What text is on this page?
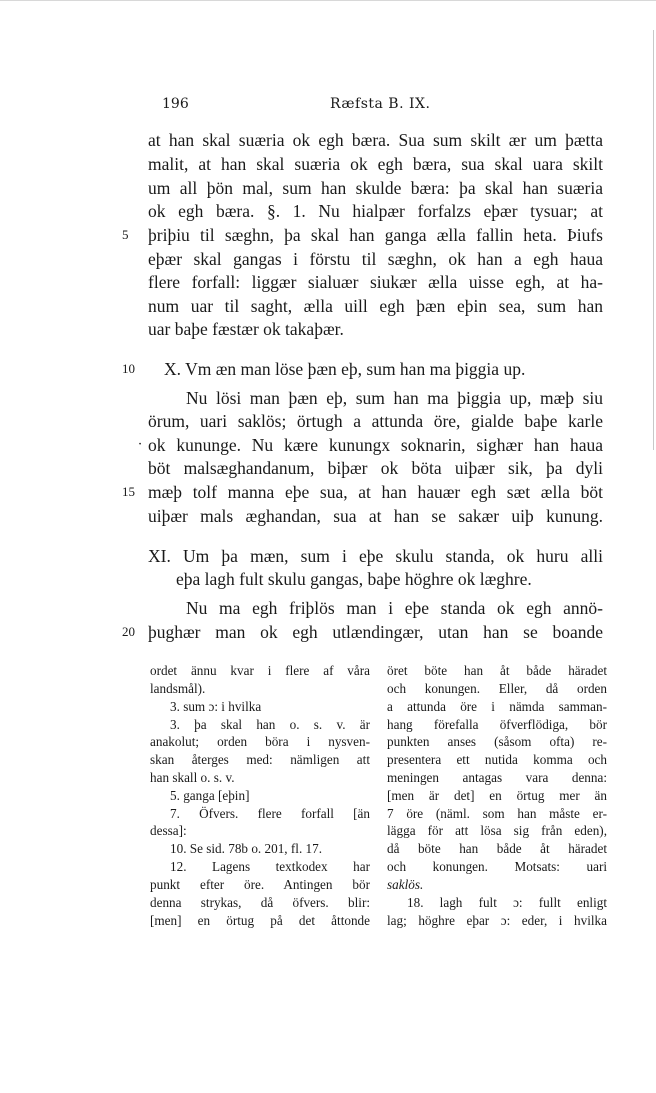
196	Ræfsta B. IX.
at han skal suæria ok egh bæra. Sua sum skilt ær um þætta
malit, at han skal suæria ok egh bæra, sua skal uara skilt
um all þön mal, sum han skulde bæra: þa skal han suæria
ok egh bæra. §. 1. Nu hialpær forfalzs eþær tysuar; at
þriþiu til sæghn, þa skal han ganga ælla fallin heta. Þiufs
eþær skal gangas i förstu til sæghn, ok han a egh haua
flere forfall: liggær sialuær siukær ælla uisse egh, at ha-
num uar til saght, ælla uill egh þæn eþin sea, sum han
uar baþe fæstær ok takaþær.
X. Vm æn man löse þæn eþ, sum han ma þiggia up.
Nu lösi man þæn eþ, sum han ma þiggia up, mæþ siu
örum, uari saklös; örtugh a attunda öre, gialde baþe karle
ok kununge. Nu kære kunungx soknarin, sighær han haua
böt malsæghandanum, biþær ok böta uiþær sik, þa dyli
mæþ tolf manna eþe sua, at han hauær egh sæt ælla böt
uiþær mals æghandan, sua at han se sakær uiþ kunung.
XI. Um þa mæn, sum i eþe skulu standa, ok huru alli
eþa lagh fult skulu gangas, baþe höghre ok læghre.
Nu ma egh friþlös man i eþe standa ok egh annö-
þughær man ok egh utlændingær, utan han se boande
5
10
·
15
20
ordet ännu kvar i flere af våra
landsmål).
3. sum ɔ: i hvilka
3. þa skal han o. s. v. är
anakolut; orden böra i nysven-
skan återges med: nämligen att
han skall o. s. v.
5. ganga [eþin]
7. Öfvers. flere forfall [än
dessa]:
10. Se sid. 78b o. 201, fl. 17.
12. Lagens textkodex har
punkt efter öre. Antingen bör
denna strykas, då öfvers. blir:
[men] en örtug på det åttonde
öret böte han åt både häradet
och konungen. Eller, då orden
a attunda öre i nämda samman-
hang förefalla öfverflödiga, bör
punkten anses (såsom ofta) re-
presentera ett nutida komma och
meningen antagas vara denna:
[men är det] en örtug mer än
7 öre (näml. som han måste er-
lägga för att lösa sig från eden),
då böte han både åt häradet
och konungen. Motsats: uari
saklös.
18. lagh fult ɔ: fullt enligt
lag; höghre eþar ɔ: eder, i hvilka
